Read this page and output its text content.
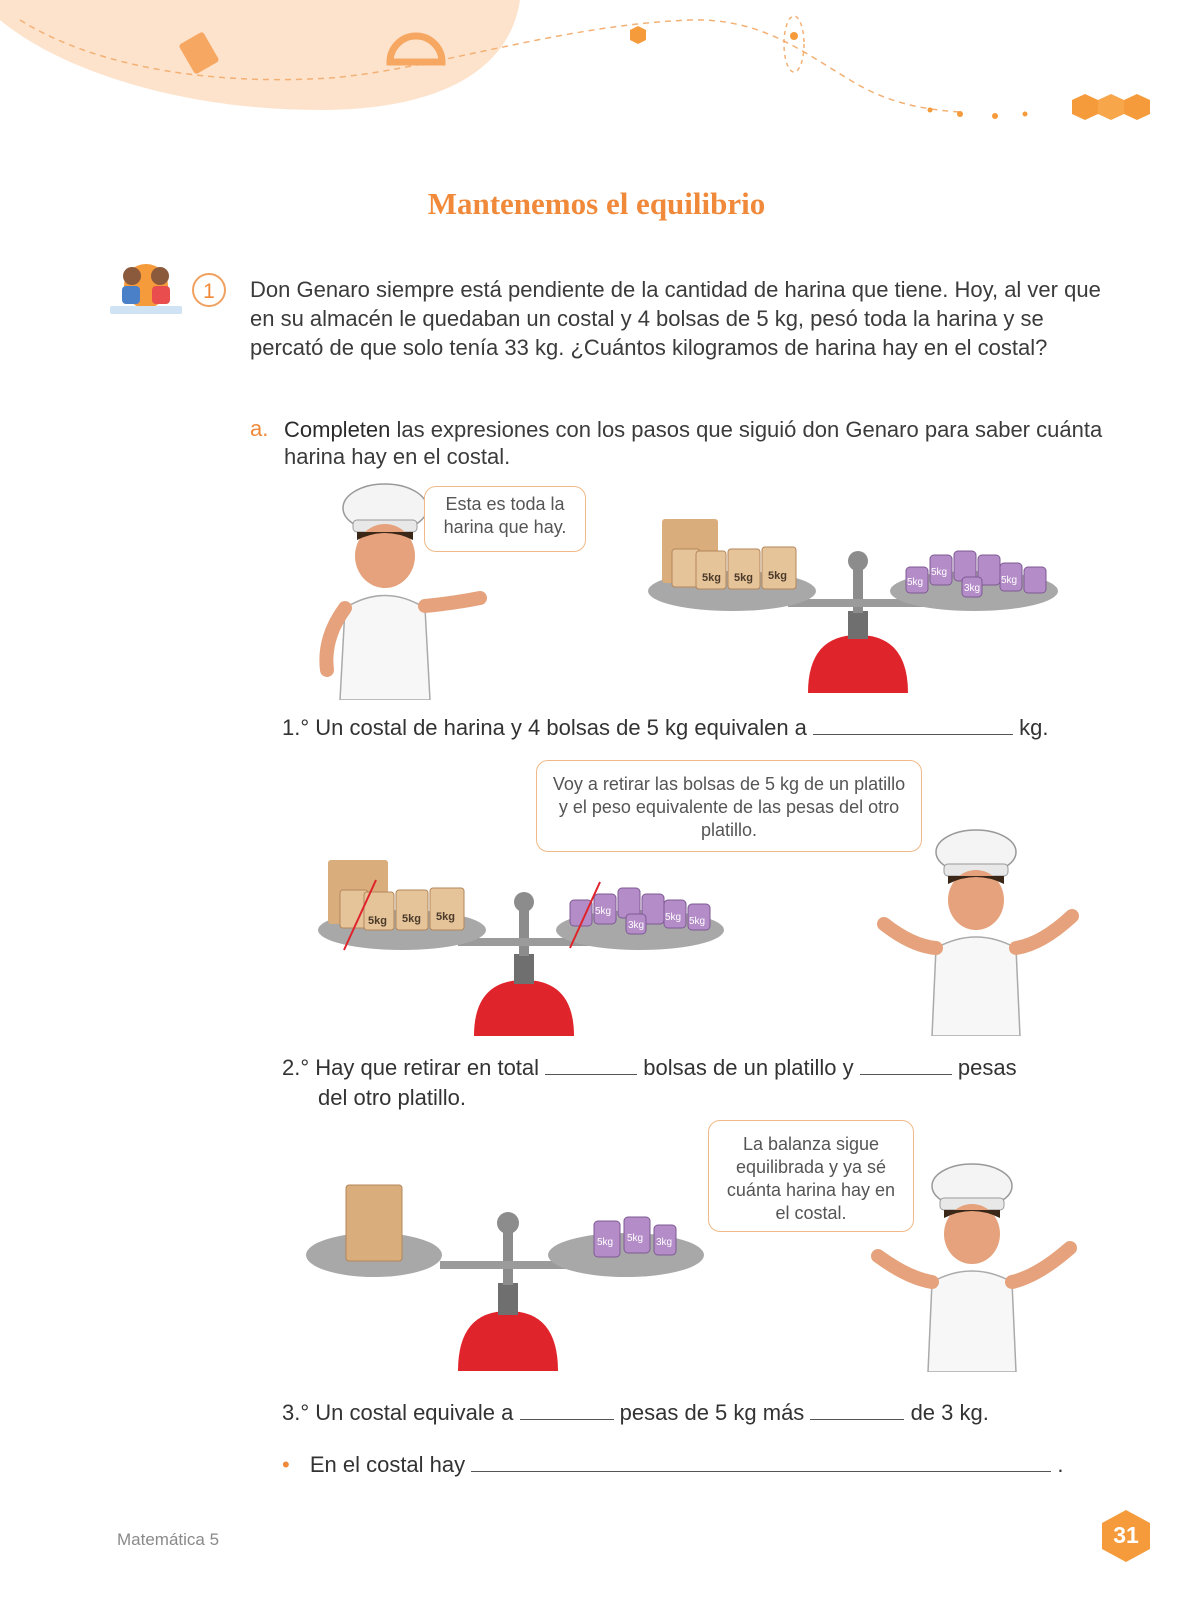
Mantenemos el equilibrio
1	Don Genaro siempre está pendiente de la cantidad de harina que tiene. Hoy, al ver que en su almacén le quedaban un costal y 4 bolsas de 5 kg, pesó toda la harina y se percató de que solo tenía 33 kg. ¿Cuántos kilogramos de harina hay en el costal?
a. Completen las expresiones con los pasos que siguió don Genaro para saber cuánta harina hay en el costal.
Esta es toda la harina que hay.
5kg 5kg 5kg
5kg
5kg
5kg
3kg
1.° Un costal de harina y 4 bolsas de 5 kg equivalen a	kg.
Voy a retirar las bolsas de 5 kg de un platillo y el peso equivalente de las pesas del otro platillo.
5kg 5kg 5kg	5kg
5kg 5kg
3kg
2.° Hay que retirar en total	bolsas de un platillo y	pesas
del otro platillo.
La balanza sigue equilibrada y ya sé cuánta harina hay en el costal.
5kg 5kg 3kg
3.° Un costal equivale a	pesas de 5 kg más	de 3 kg.
• En el costal hay	.
Matemática 5	31
